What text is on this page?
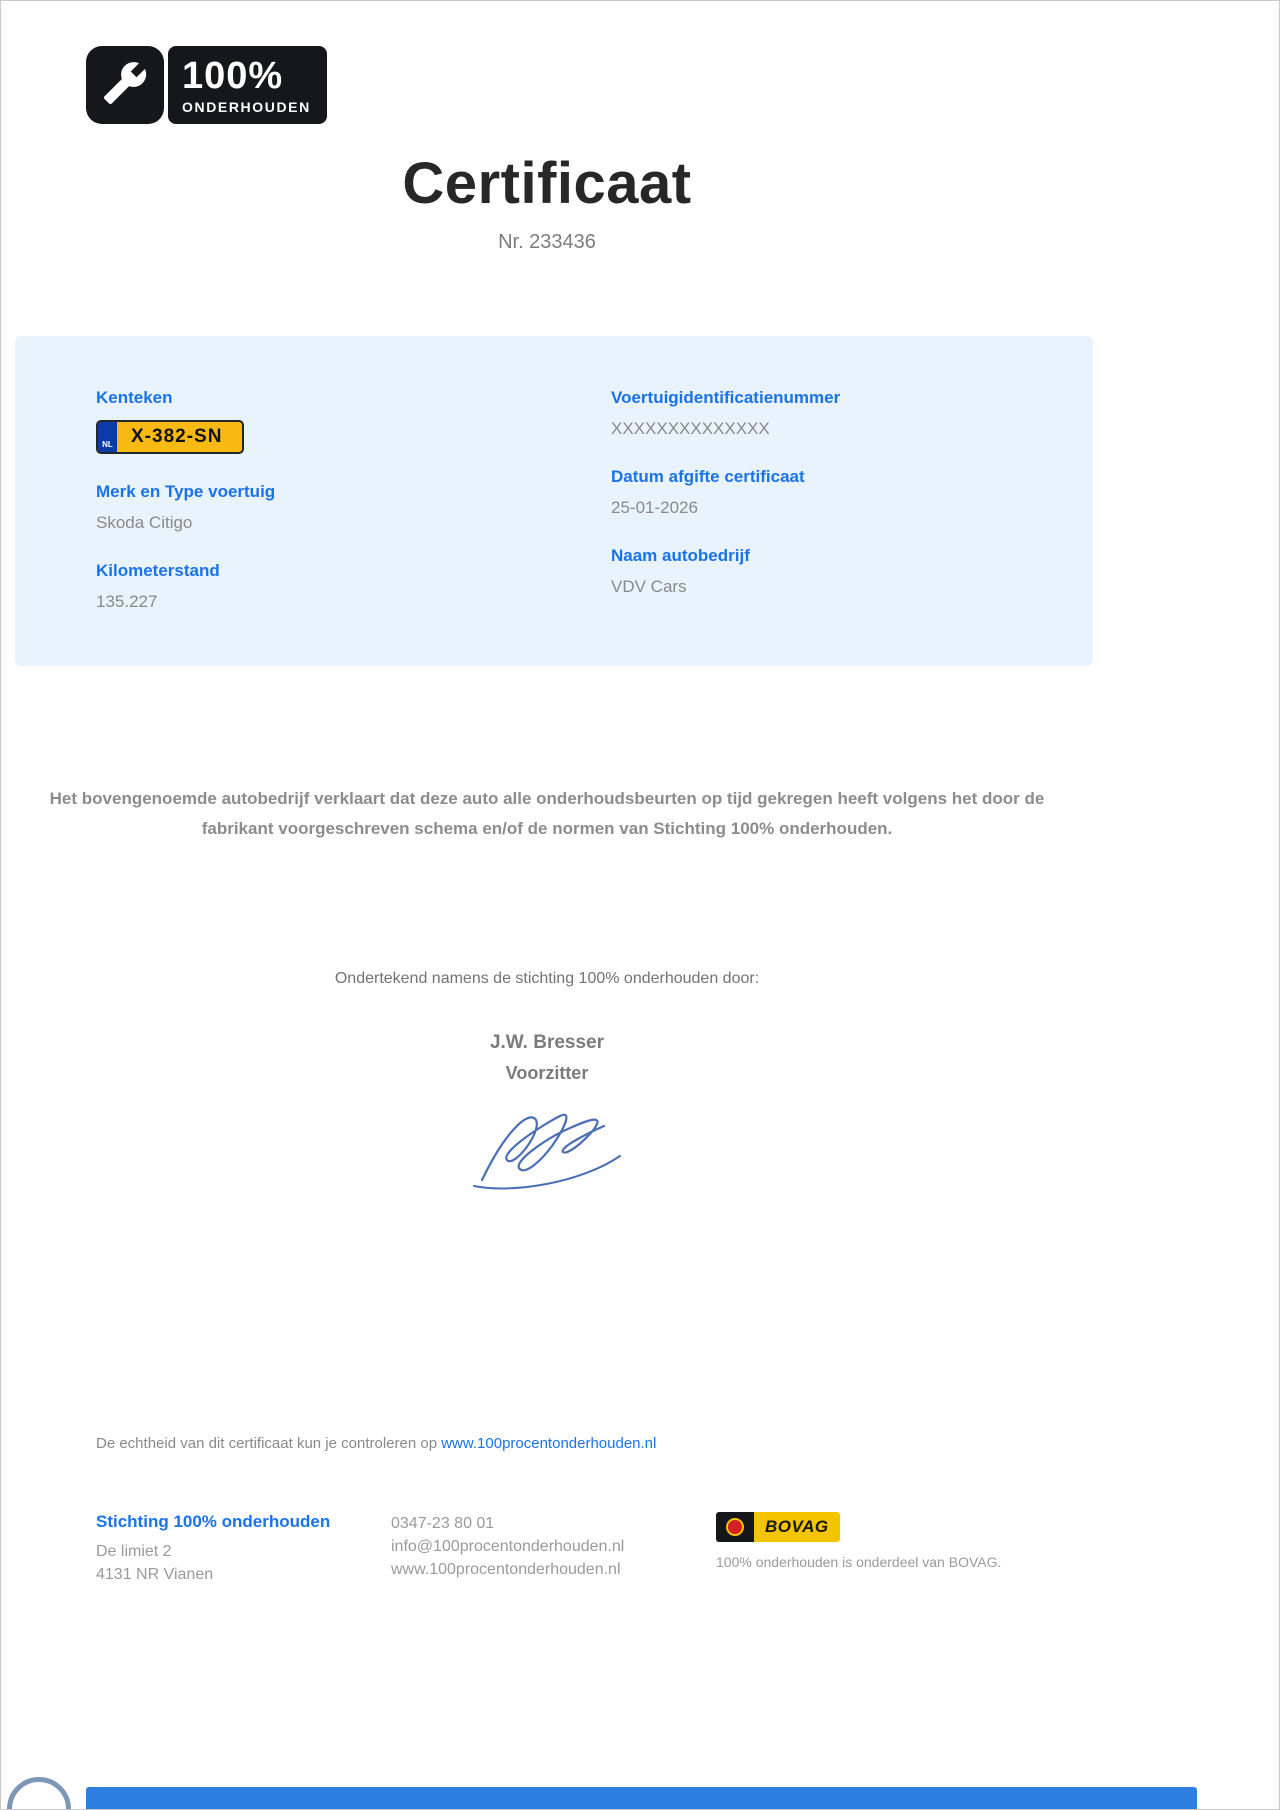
100%
ONDERHOUDEN
Certificaat
Nr. 233436
Kenteken
NL X-382-SN
Merk en Type voertuig
Skoda Citigo
Kilometerstand
135.227
Voertuigidentificatienummer
XXXXXXXXXXXXXX
Datum afgifte certificaat
25-01-2026
Naam autobedrijf
VDV Cars

Het bovengenoemde autobedrijf verklaart dat deze auto alle onderhoudsbeurten op tijd gekregen heeft volgens het door de fabrikant voorgeschreven schema en/of de normen van Stichting 100% onderhouden.

Ondertekend namens de stichting 100% onderhouden door:
J.W. Bresser
Voorzitter
De echtheid van dit certificaat kun je controleren op www.100procentonderhouden.nl
Stichting 100% onderhouden
De limiet 2
4131 NR Vianen
0347-23 80 01
info@100procentonderhouden.nl
www.100procentonderhouden.nl
BOVAG
100% onderhouden is onderdeel van BOVAG.
